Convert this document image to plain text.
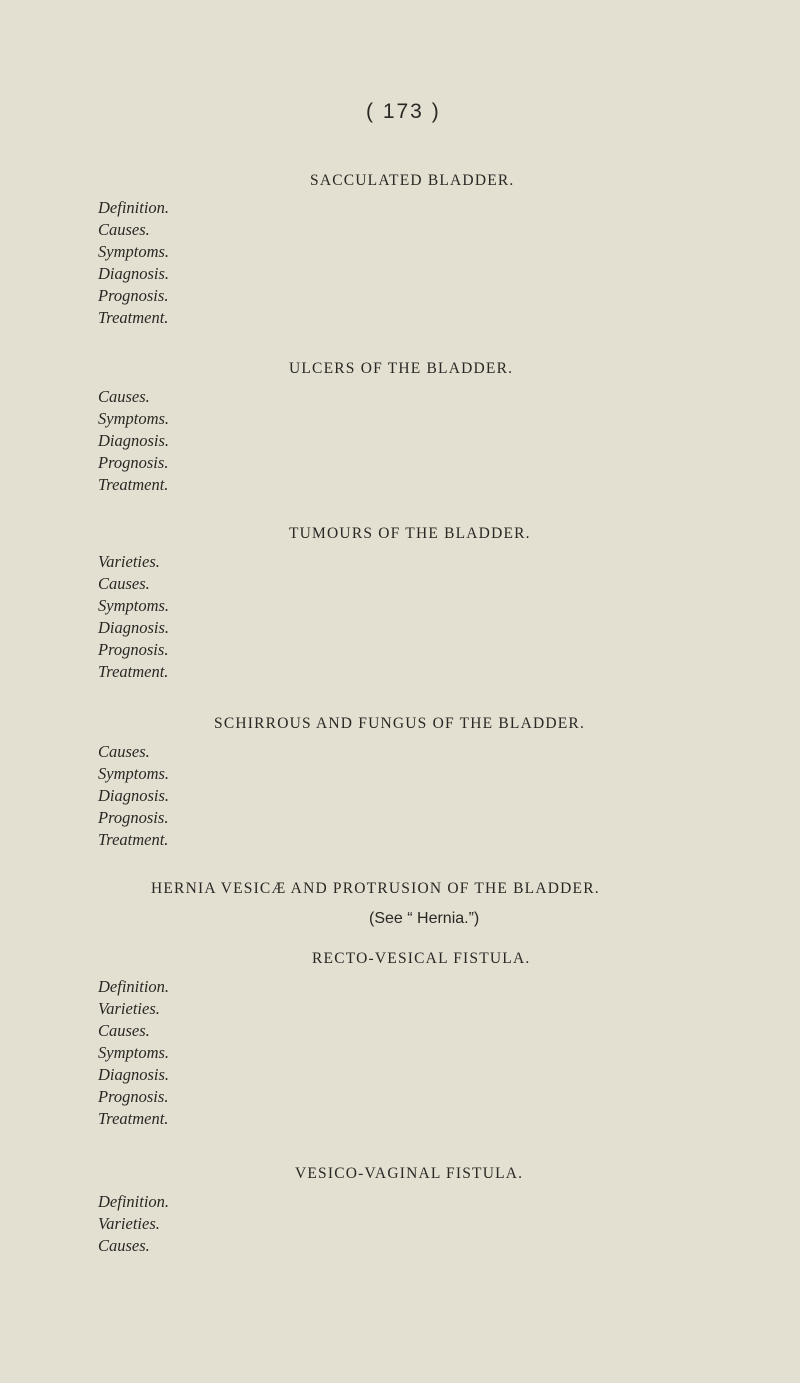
( 173 )
SACCULATED BLADDER.
Definition.
Causes.
Symptoms.
Diagnosis.
Prognosis.
Treatment.
ULCERS OF THE BLADDER.
Causes.
Symptoms.
Diagnosis.
Prognosis.
Treatment.
TUMOURS OF THE BLADDER.
Varieties.
Causes.
Symptoms.
Diagnosis.
Prognosis.
Treatment.
SCHIRROUS AND FUNGUS OF THE BLADDER.
Causes.
Symptoms.
Diagnosis.
Prognosis.
Treatment.
HERNIA VESICÆ AND PROTRUSION OF THE BLADDER.
(See “ Hernia.”)
RECTO-VESICAL FISTULA.
Definition.
Varieties.
Causes.
Symptoms.
Diagnosis.
Prognosis.
Treatment.
VESICO-VAGINAL FISTULA.
Definition.
Varieties.
Causes.
